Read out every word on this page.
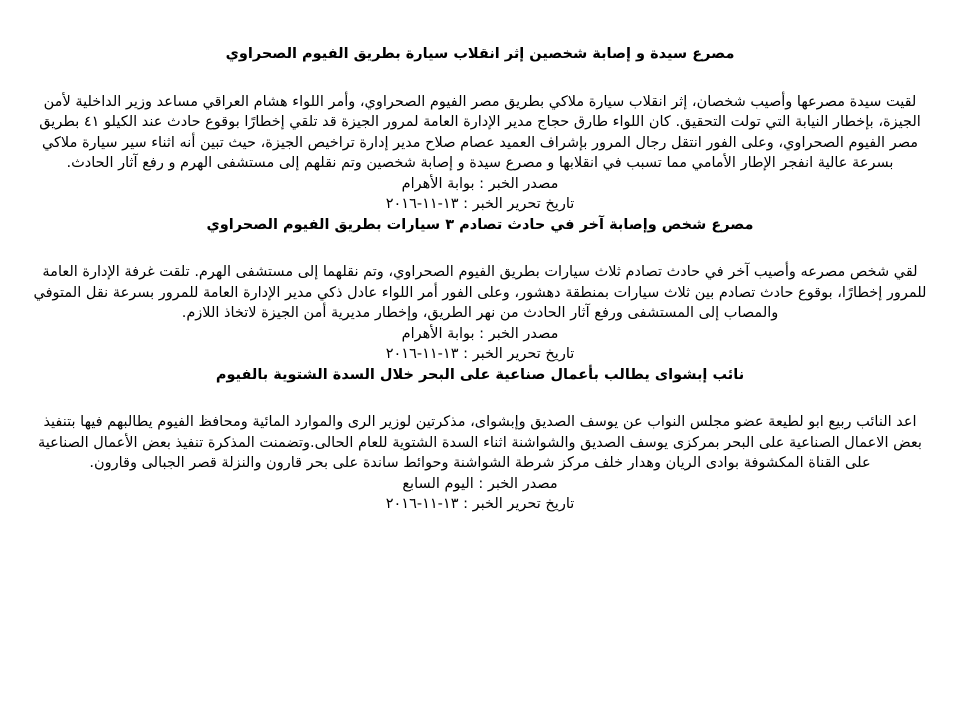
مصرع سيدة و إصابة شخصين إثر انقلاب سيارة بطريق الفيوم الصحراوي

لقيت سيدة مصرعها وأصيب شخصان، إثر انقلاب سيارة ملاكي بطريق مصر الفيوم الصحراوي، وأمر اللواء هشام العراقي مساعد وزير الداخلية لأمن الجيزة، بإخطار النيابة التي تولت التحقيق. كان اللواء طارق حجاج مدير الإدارة العامة لمرور الجيزة قد تلقي إخطارًا بوقوع حادث عند الكيلو ٤١ بطريق مصر الفيوم الصحراوي، وعلى الفور انتقل رجال المرور بإشراف العميد عصام صلاح مدير إدارة تراخيص الجيزة، حيث تبين أنه اثناء سير سيارة ملاكي بسرعة عالية انفجر الإطار الأمامي مما تسبب في انقلابها و مصرع سيدة و إصابة شخصين وتم نقلهم إلى مستشفى الهرم و رفع آثار الحادث.

مصدر الخبر : بوابة الأهرام

تاريخ تحرير الخبر : ١٣-١١-٢٠١٦

مصرع شخص وإصابة آخر في حادث تصادم ٣ سيارات بطريق الفيوم الصحراوي

لقي شخص مصرعه وأصيب آخر في حادث تصادم ثلاث سيارات بطريق الفيوم الصحراوي، وتم نقلهما إلى مستشفى الهرم. تلقت غرفة الإدارة العامة للمرور إخطارًا، بوقوع حادث تصادم بين ثلاث سيارات بمنطقة دهشور، وعلى الفور أمر اللواء عادل ذكي مدير الإدارة العامة للمرور بسرعة نقل المتوفي والمصاب إلى المستشفى ورفع آثار الحادث من نهر الطريق، وإخطار مديرية أمن الجيزة لاتخاذ اللازم.

مصدر الخبر : بوابة الأهرام

تاريخ تحرير الخبر : ١٣-١١-٢٠١٦

نائب إبشواى يطالب بأعمال صناعية على البحر خلال السدة الشتوية بالفيوم

اعد النائب ربيع ابو لطيعة عضو مجلس النواب عن يوسف الصديق وإبشواى، مذكرتين لوزير الرى والموارد المائية ومحافظ الفيوم يطالبهم فيها بتنفيذ بعض الاعمال الصناعية على البحر بمركزى يوسف الصديق والشواشنة اثناء السدة الشتوية للعام الحالى.وتضمنت المذكرة تنفيذ بعض الأعمال الصناعية على القناة المكشوفة بوادى الريان وهدار خلف مركز شرطة الشواشنة وحوائط ساندة على بحر قارون والنزلة قصر الجبالى وقارون.

مصدر الخبر : اليوم السابع

تاريخ تحرير الخبر : ١٣-١١-٢٠١٦
